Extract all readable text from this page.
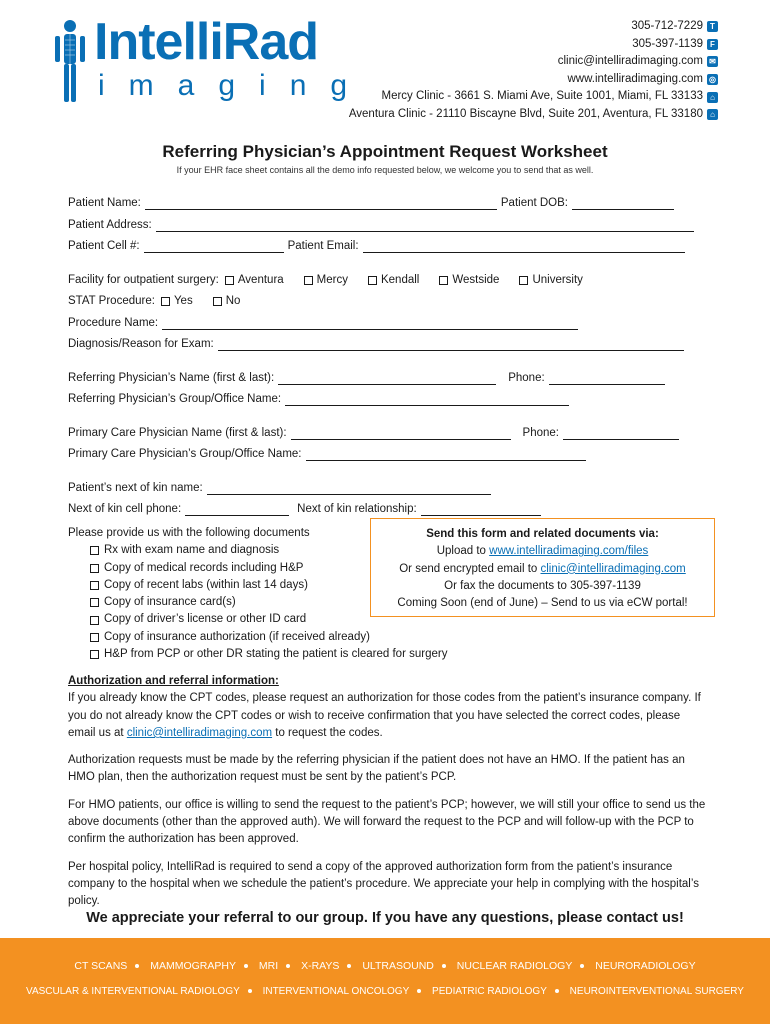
IntelliRad
imaging
305-712-7229 T
305-397-1139 F
clinic@intelliradimaging.com ✉
www.intelliradimaging.com ◎
Mercy Clinic - 3661 S. Miami Ave, Suite 1001, Miami, FL 33133 ⌂
Aventura Clinic - 21110 Biscayne Blvd, Suite 201, Aventura, FL 33180 ⌂
Referring Physician’s Appointment Request Worksheet
If your EHR face sheet contains all the demo info requested below, we welcome you to send that as well.
Patient Name:	Patient DOB:
Patient Address:
Patient Cell #:	Patient Email:
Facility for outpatient surgery: Aventura	Mercy	Kendall	Westside	University
STAT Procedure: Yes	No
Procedure Name:
Diagnosis/Reason for Exam:
Referring Physician’s Name (first & last):	Phone:
Referring Physician’s Group/Office Name:
Primary Care Physician Name (first & last):	Phone:
Primary Care Physician’s Group/Office Name:
Patient’s next of kin name:
Next of kin cell phone:	Next of kin relationship:
Please provide us with the following documents
Rx with exam name and diagnosis
Copy of medical records including H&P
Copy of recent labs (within last 14 days)
Copy of insurance card(s)
Copy of driver’s license or other ID card
Copy of insurance authorization (if received already)
H&P from PCP or other DR stating the patient is cleared for surgery
Send this form and related documents via:
Upload to www.intelliradimaging.com/files
Or send encrypted email to clinic@intelliradimaging.com
Or fax the documents to 305-397-1139
Coming Soon (end of June) – Send to us via eCW portal!
Authorization and referral information:
If you already know the CPT codes, please request an authorization for those codes from the patient’s insurance company. If you do not already know the CPT codes or wish to receive confirmation that you have selected the correct codes, please email us at clinic@intelliradimaging.com to request the codes.
Authorization requests must be made by the referring physician if the patient does not have an HMO. If the patient has an HMO plan, then the authorization request must be sent by the patient’s PCP.
For HMO patients, our office is willing to send the request to the patient’s PCP; however, we will still your office to send us the above documents (other than the approved auth). We will forward the request to the PCP and will follow-up with the PCP to confirm the authorization has been approved.
Per hospital policy, IntelliRad is required to send a copy of the approved authorization form from the patient’s insurance company to the hospital when we schedule the patient’s procedure. We appreciate your help in complying with the hospital’s policy.
We appreciate your referral to our group. If you have any questions, please contact us!
CT SCANS MAMMOGRAPHY MRI X-RAYS ULTRASOUND NUCLEAR RADIOLOGY NEURORADIOLOGY
VASCULAR & INTERVENTIONAL RADIOLOGY INTERVENTIONAL ONCOLOGY PEDIATRIC RADIOLOGY NEUROINTERVENTIONAL SURGERY
